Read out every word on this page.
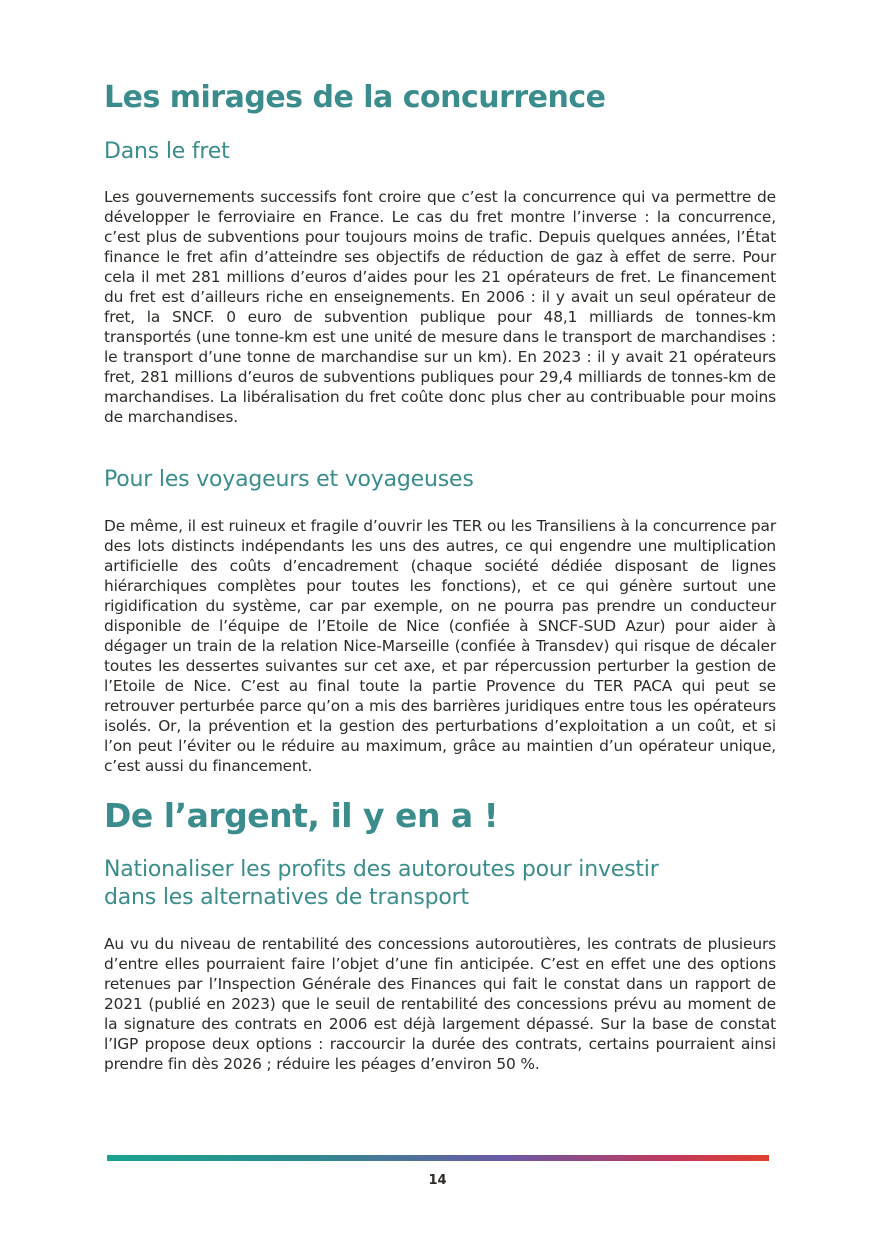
Les mirages de la concurrence
Dans le fret

Les gouvernements successifs font croire que c’est la concurrence qui va permettre de développer le ferroviaire en France. Le cas du fret montre l’inverse : la concurrence, c’est plus de subventions pour toujours moins de trafic. Depuis quelques années, l’État finance le fret afin d’atteindre ses objectifs de réduction de gaz à effet de serre. Pour cela il met 281 millions d’euros d’aides pour les 21 opérateurs de fret. Le financement du fret est d’ailleurs riche en enseignements. En 2006 : il y avait un seul opérateur de fret, la SNCF. 0 euro de subvention publique pour 48,1 milliards de tonnes-km transportés (une tonne-km est une unité de mesure dans le transport de marchandises : le transport d’une tonne de marchandise sur un km). En 2023 : il y avait 21 opérateurs fret, 281 millions d’euros de subventions publiques pour 29,4 milliards de tonnes-km de marchandises. La libéralisation du fret coûte donc plus cher au contribuable pour moins de marchandises.

Pour les voyageurs et voyageuses

De même, il est ruineux et fragile d’ouvrir les TER ou les Transiliens à la concurrence par des lots distincts indépendants les uns des autres, ce qui engendre une multiplication artificielle des coûts d’encadrement (chaque société dédiée disposant de lignes hiérarchiques complètes pour toutes les fonctions), et ce qui génère surtout une rigidification du système, car par exemple, on ne pourra pas prendre un conducteur disponible de l’équipe de l’Etoile de Nice (confiée à SNCF-SUD Azur) pour aider à dégager un train de la relation Nice-Marseille (confiée à Transdev) qui risque de décaler toutes les dessertes suivantes sur cet axe, et par répercussion perturber la gestion de l’Etoile de Nice. C’est au final toute la partie Provence du TER PACA qui peut se retrouver perturbée parce qu’on a mis des barrières juridiques entre tous les opérateurs isolés. Or, la prévention et la gestion des perturbations d’exploitation a un coût, et si l’on peut l’éviter ou le réduire au maximum, grâce au maintien d’un opérateur unique, c’est aussi du financement.

De l’argent, il y en a !
Nationaliser les profits des autoroutes pour investir dans les alternatives de transport

Au vu du niveau de rentabilité des concessions autoroutières, les contrats de plusieurs d’entre elles pourraient faire l’objet d’une fin anticipée. C’est en effet une des options retenues par l’Inspection Générale des Finances qui fait le constat dans un rapport de 2021 (publié en 2023) que le seuil de rentabilité des concessions prévu au moment de la signature des contrats en 2006 est déjà largement dépassé. Sur la base de constat l’IGP propose deux options : raccourcir la durée des contrats, certains pourraient ainsi prendre fin dès 2026 ; réduire les péages d’environ 50 %.

14
